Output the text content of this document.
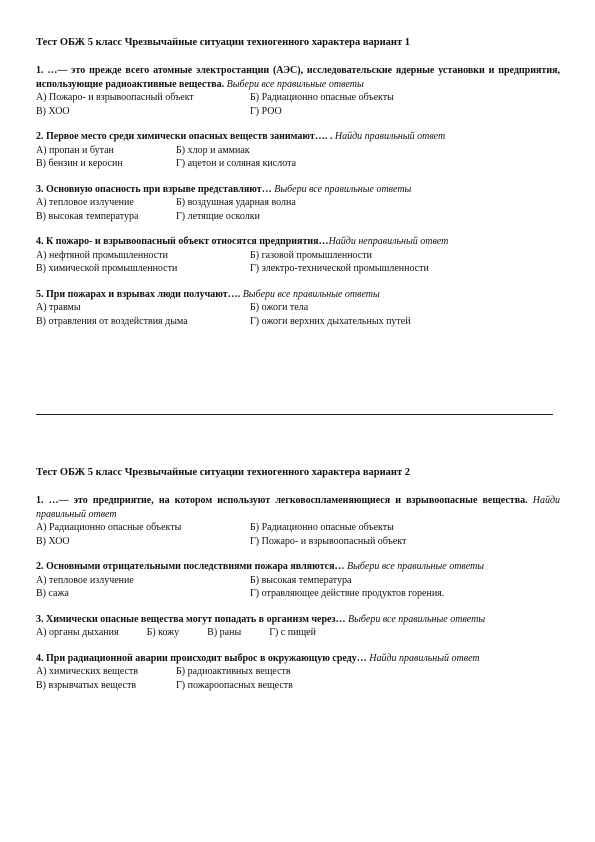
Тест ОБЖ 5 класс Чрезвычайные ситуации техногенного характера вариант 1
1. …— это прежде всего атомные электростанции (АЭС), исследовательские ядерные установки и предприятия, использующие радиоактивные вещества. Выбери все правильные ответы
А) Пожаро- и взрывоопасный объект	Б) Радиационно опасные объекты
В) ХОО	Г) РОО
2. Первое место среди химически опасных веществ занимают…. . Найди правильный ответ
А) пропан и бутан	Б) хлор и аммиак
В) бензин и керосин	Г) ацетон и соляная кислота
3. Основную опасность при взрыве представляют… Выбери все правильные ответы
А) тепловое излучение	Б) воздушная ударная волна
В) высокая температура	Г) летящие осколки
4. К пожаро- и взрывоопасный объект относятся предприятия…Найди неправильный ответ
А) нефтяной промышленности	Б) газовой промышленности
В) химической промышленности	Г) электро-технической промышленности
5. При пожарах и взрывах люди получают…. Выбери все правильные ответы
А) травмы	Б) ожоги тела
В) отравления от воздействия дыма	Г) ожоги верхних дыхательных путей
Тест ОБЖ 5 класс Чрезвычайные ситуации техногенного характера вариант 2
1. …— это предприятие, на котором используют легковоспламеняющиеся и взрывоопасные вещества. Найди правильный ответ
А) Радиационно опасные объекты	Б) Радиационно опасные объекты
В) ХОО	Г) Пожаро- и взрывоопасный объект
2. Основными отрицательными последствиями пожара являются… Выбери все правильные ответы
А) тепловое излучение	Б) высокая температура
В) сажа	Г) отравляющее действие продуктов горения.
3. Химически опасные вещества могут попадать в организм через… Выбери все правильные ответы
А) органы дыхания	Б) кожу	В) раны	Г) с пищей
4. При радиационной аварии происходит выброс в окружающую среду… Найди правильный ответ
А) химических веществ	Б) радиоактивных веществ
В) взрывчатых веществ	Г) пожароопасных веществ
